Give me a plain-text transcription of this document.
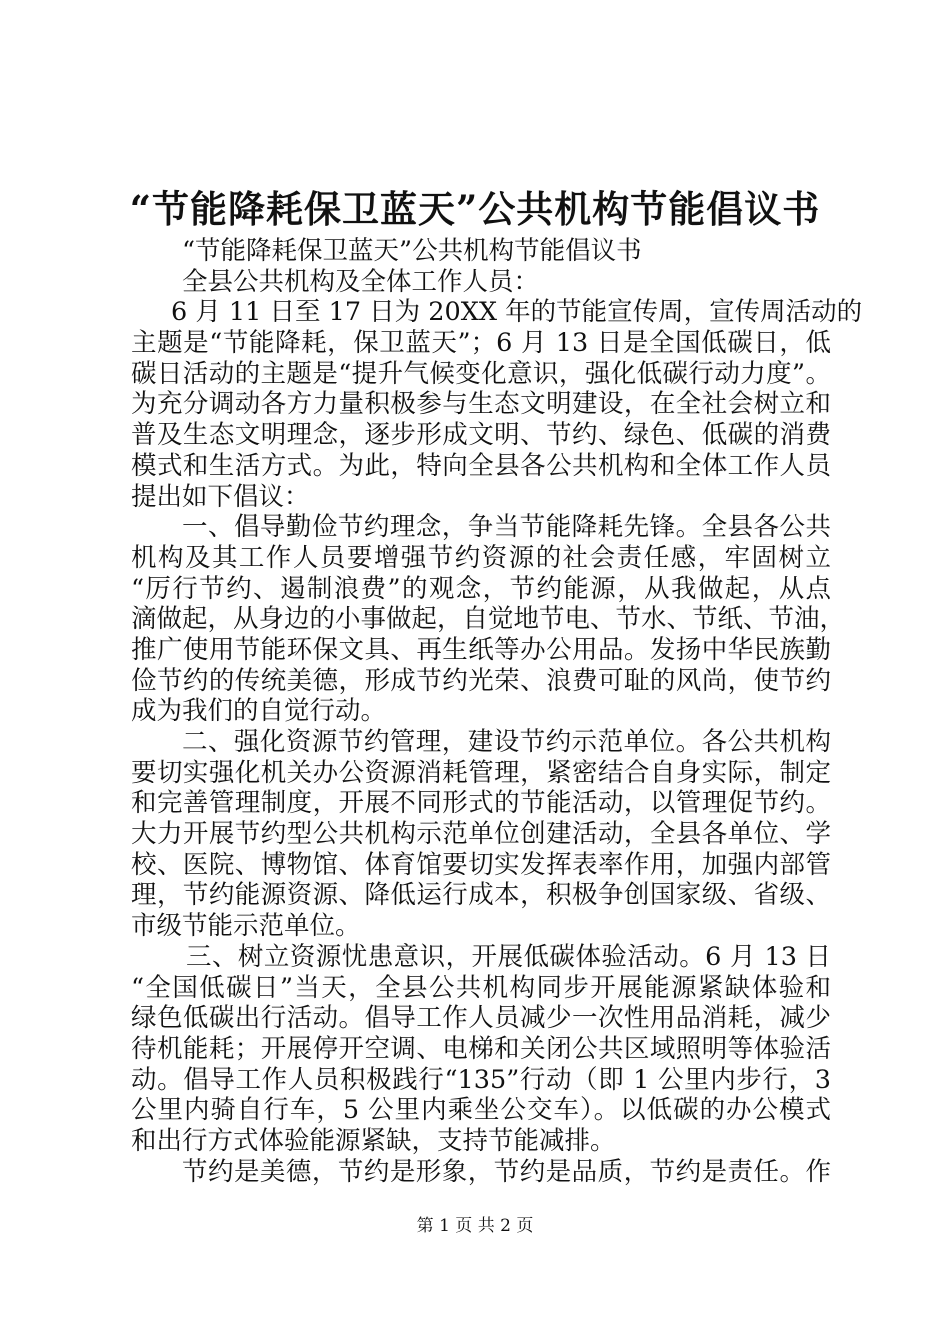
“节能降耗保卫蓝天”公共机构节能倡议书
“节能降耗保卫蓝天”公共机构节能倡议书
全县公共机构及全体工作人员：
6 月 11 日至 17 日为 20XX 年的节能宣传周，宣传周活动的
主题是“节能降耗，保卫蓝天”；6 月 13 日是全国低碳日，低
碳日活动的主题是“提升气候变化意识，强化低碳行动力度”。
为充分调动各方力量积极参与生态文明建设，在全社会树立和
普及生态文明理念，逐步形成文明、节约、绿色、低碳的消费
模式和生活方式。为此，特向全县各公共机构和全体工作人员
提出如下倡议：
一、倡导勤俭节约理念，争当节能降耗先锋。全县各公共
机构及其工作人员要增强节约资源的社会责任感，牢固树立
“厉行节约、遏制浪费”的观念，节约能源，从我做起，从点
滴做起，从身边的小事做起，自觉地节电、节水、节纸、节油，
推广使用节能环保文具、再生纸等办公用品。发扬中华民族勤
俭节约的传统美德，形成节约光荣、浪费可耻的风尚，使节约
成为我们的自觉行动。
二、强化资源节约管理，建设节约示范单位。各公共机构
要切实强化机关办公资源消耗管理，紧密结合自身实际，制定
和完善管理制度，开展不同形式的节能活动，以管理促节约。
大力开展节约型公共机构示范单位创建活动，全县各单位、学
校、医院、博物馆、体育馆要切实发挥表率作用，加强内部管
理，节约能源资源、降低运行成本，积极争创国家级、省级、
市级节能示范单位。
三、树立资源忧患意识，开展低碳体验活动。6 月 13 日
“全国低碳日”当天，全县公共机构同步开展能源紧缺体验和
绿色低碳出行活动。倡导工作人员减少一次性用品消耗，减少
待机能耗；开展停开空调、电梯和关闭公共区域照明等体验活
动。倡导工作人员积极践行“135”行动（即 1 公里内步行，3
公里内骑自行车，5 公里内乘坐公交车）。以低碳的办公模式
和出行方式体验能源紧缺，支持节能减排。
节约是美德，节约是形象，节约是品质，节约是责任。作
第 1 页 共 2 页
